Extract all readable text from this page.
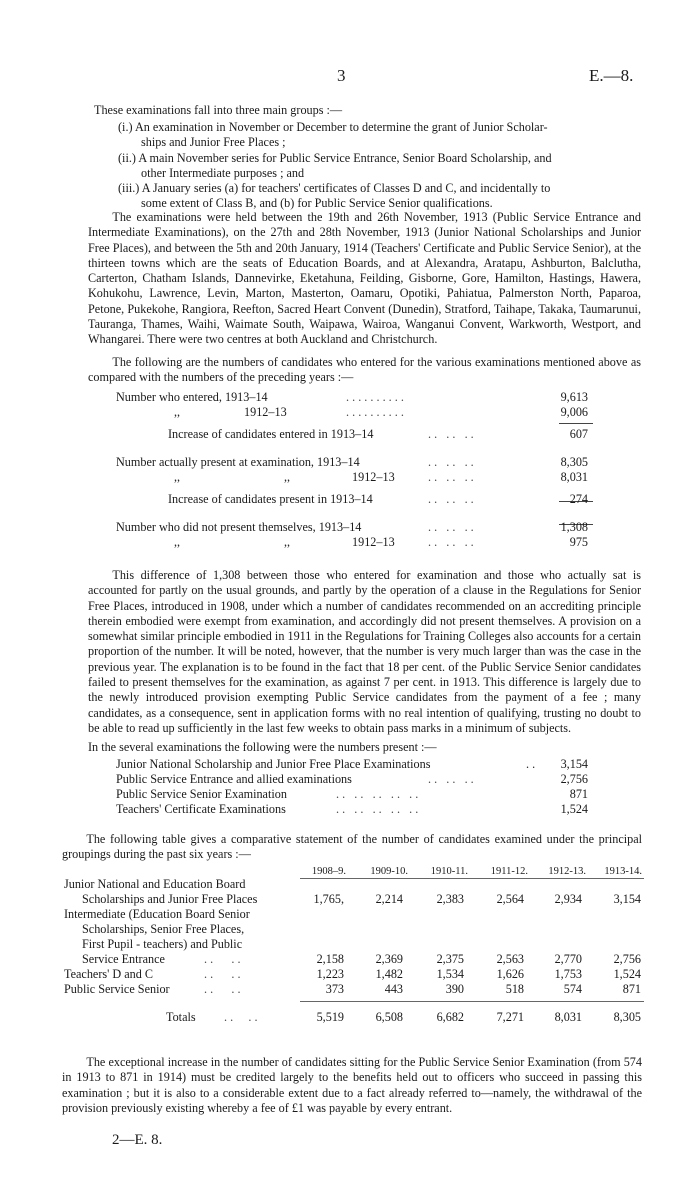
3	E.—8.
These examinations fall into three main groups :—

(i.) An examination in November or December to determine the grant of Junior Scholar-
ships and Junior Free Places ;

(ii.) A main November series for Public Service Entrance, Senior Board Scholarship, and
other Intermediate purposes ; and

(iii.) A January series (a) for teachers' certificates of Classes D and C, and incidentally to
some extent of Class B, and (b) for Public Service Senior qualifications.

The examinations were held between the 19th and 26th November, 1913 (Public Service Entrance and Intermediate Examinations), on the 27th and 28th November, 1913 (Junior National Scholarships and Junior Free Places), and between the 5th and 20th January, 1914 (Teachers' Certificate and Public Service Senior), at the thirteen towns which are the seats of Education Boards, and at Alexandra, Aratapu, Ashburton, Balclutha, Carterton, Chatham Islands, Dannevirke, Eketahuna, Feilding, Gisborne, Gore, Hamilton, Hastings, Hawera, Kohukohu, Lawrence, Levin, Marton, Masterton, Oamaru, Opotiki, Pahiatua, Palmerston North, Paparoa, Petone, Pukekohe, Rangiora, Reefton, Sacred Heart Convent (Dunedin), Stratford, Taihape, Takaka, Taumarunui, Tauranga, Thames, Waihi, Waimate South, Waipawa, Wairoa, Wanganui Convent, Warkworth, Westport, and Whangarei. There were two centres at both Auckland and Christchurch.

The following are the numbers of candidates who entered for the various examinations mentioned above as compared with the numbers of the preceding years :—

Number who entered, 1913–14	. . . . . . . . . .	9,613
,,	1912–13	. . . . . . . . . .	9,006
Increase of candidates entered in 1913–14	. .   . .   . .	607
Number actually present at examination, 1913–14	. .   . .   . .	8,305
,,	,,	1912–13	. .   . .   . .	8,031
Increase of candidates present in 1913–14	. .   . .   . .	274
Number who did not present themselves, 1913–14	. .   . .   . .	1,308
,,	,,	1912–13	. .   . .   . .	975

This difference of 1,308 between those who entered for examination and those who actually sat is accounted for partly on the usual grounds, and partly by the operation of a clause in the Regulations for Senior Free Places, introduced in 1908, under which a number of candidates recommended on an accrediting principle therein embodied were exempt from examination, and accordingly did not present themselves. A provision on a somewhat similar principle embodied in 1911 in the Regulations for Training Colleges also accounts for a certain proportion of the number. It will be noted, however, that the number is very much larger than was the case in the previous year. The explanation is to be found in the fact that 18 per cent. of the Public Service Senior candidates failed to present themselves for the examination, as against 7 per cent. in 1913. This difference is largely due to the newly introduced provision exempting Public Service candidates from the payment of a fee ; many candidates, as a consequence, sent in application forms with no real intention of qualifying, trusting no doubt to be able to read up sufficiently in the last few weeks to obtain pass marks in a minimum of subjects.

In the several examinations the following were the numbers present :—

Junior National Scholarship and Junior Free Place Examinations	. . 3,154
Public Service Entrance and allied examinations	. .   . .   . .	2,756
Public Service Senior Examination	. .   . .   . .   . .   . .	871
Teachers' Certificate Examinations	. .   . .   . .   . .   . .	1,524

The following table gives a comparative statement of the number of candidates examined under the principal groupings during the past six years :—

1908–9.	1909-10.	1910-11.	1911-12.	1912-13.	1913-14.
Junior National and Education Board
Scholarships and Junior Free Places	1,765,	2,214	2,383	2,564	2,934	3,154
Intermediate (Education Board Senior
Scholarships, Senior Free Places,
First Pupil - teachers) and Public
Service Entrance	. .      . .	2,158	2,369	2,375	2,563	2,770	2,756
Teachers' D and C	. .      . .	1,223	1,482	1,534	1,626	1,753	1,524
Public Service Senior	. .      . .	373	443	390	518	574	871
Totals . .     . .	5,519	6,508	6,682	7,271	8,031	8,305

The exceptional increase in the number of candidates sitting for the Public Service Senior Examination (from 574 in 1913 to 871 in 1914) must be credited largely to the benefits held out to officers who succeed in passing this examination ; but it is also to a considerable extent due to a fact already referred to—namely, the withdrawal of the provision previously existing whereby a fee of £1 was payable by every entrant.

2—E. 8.
